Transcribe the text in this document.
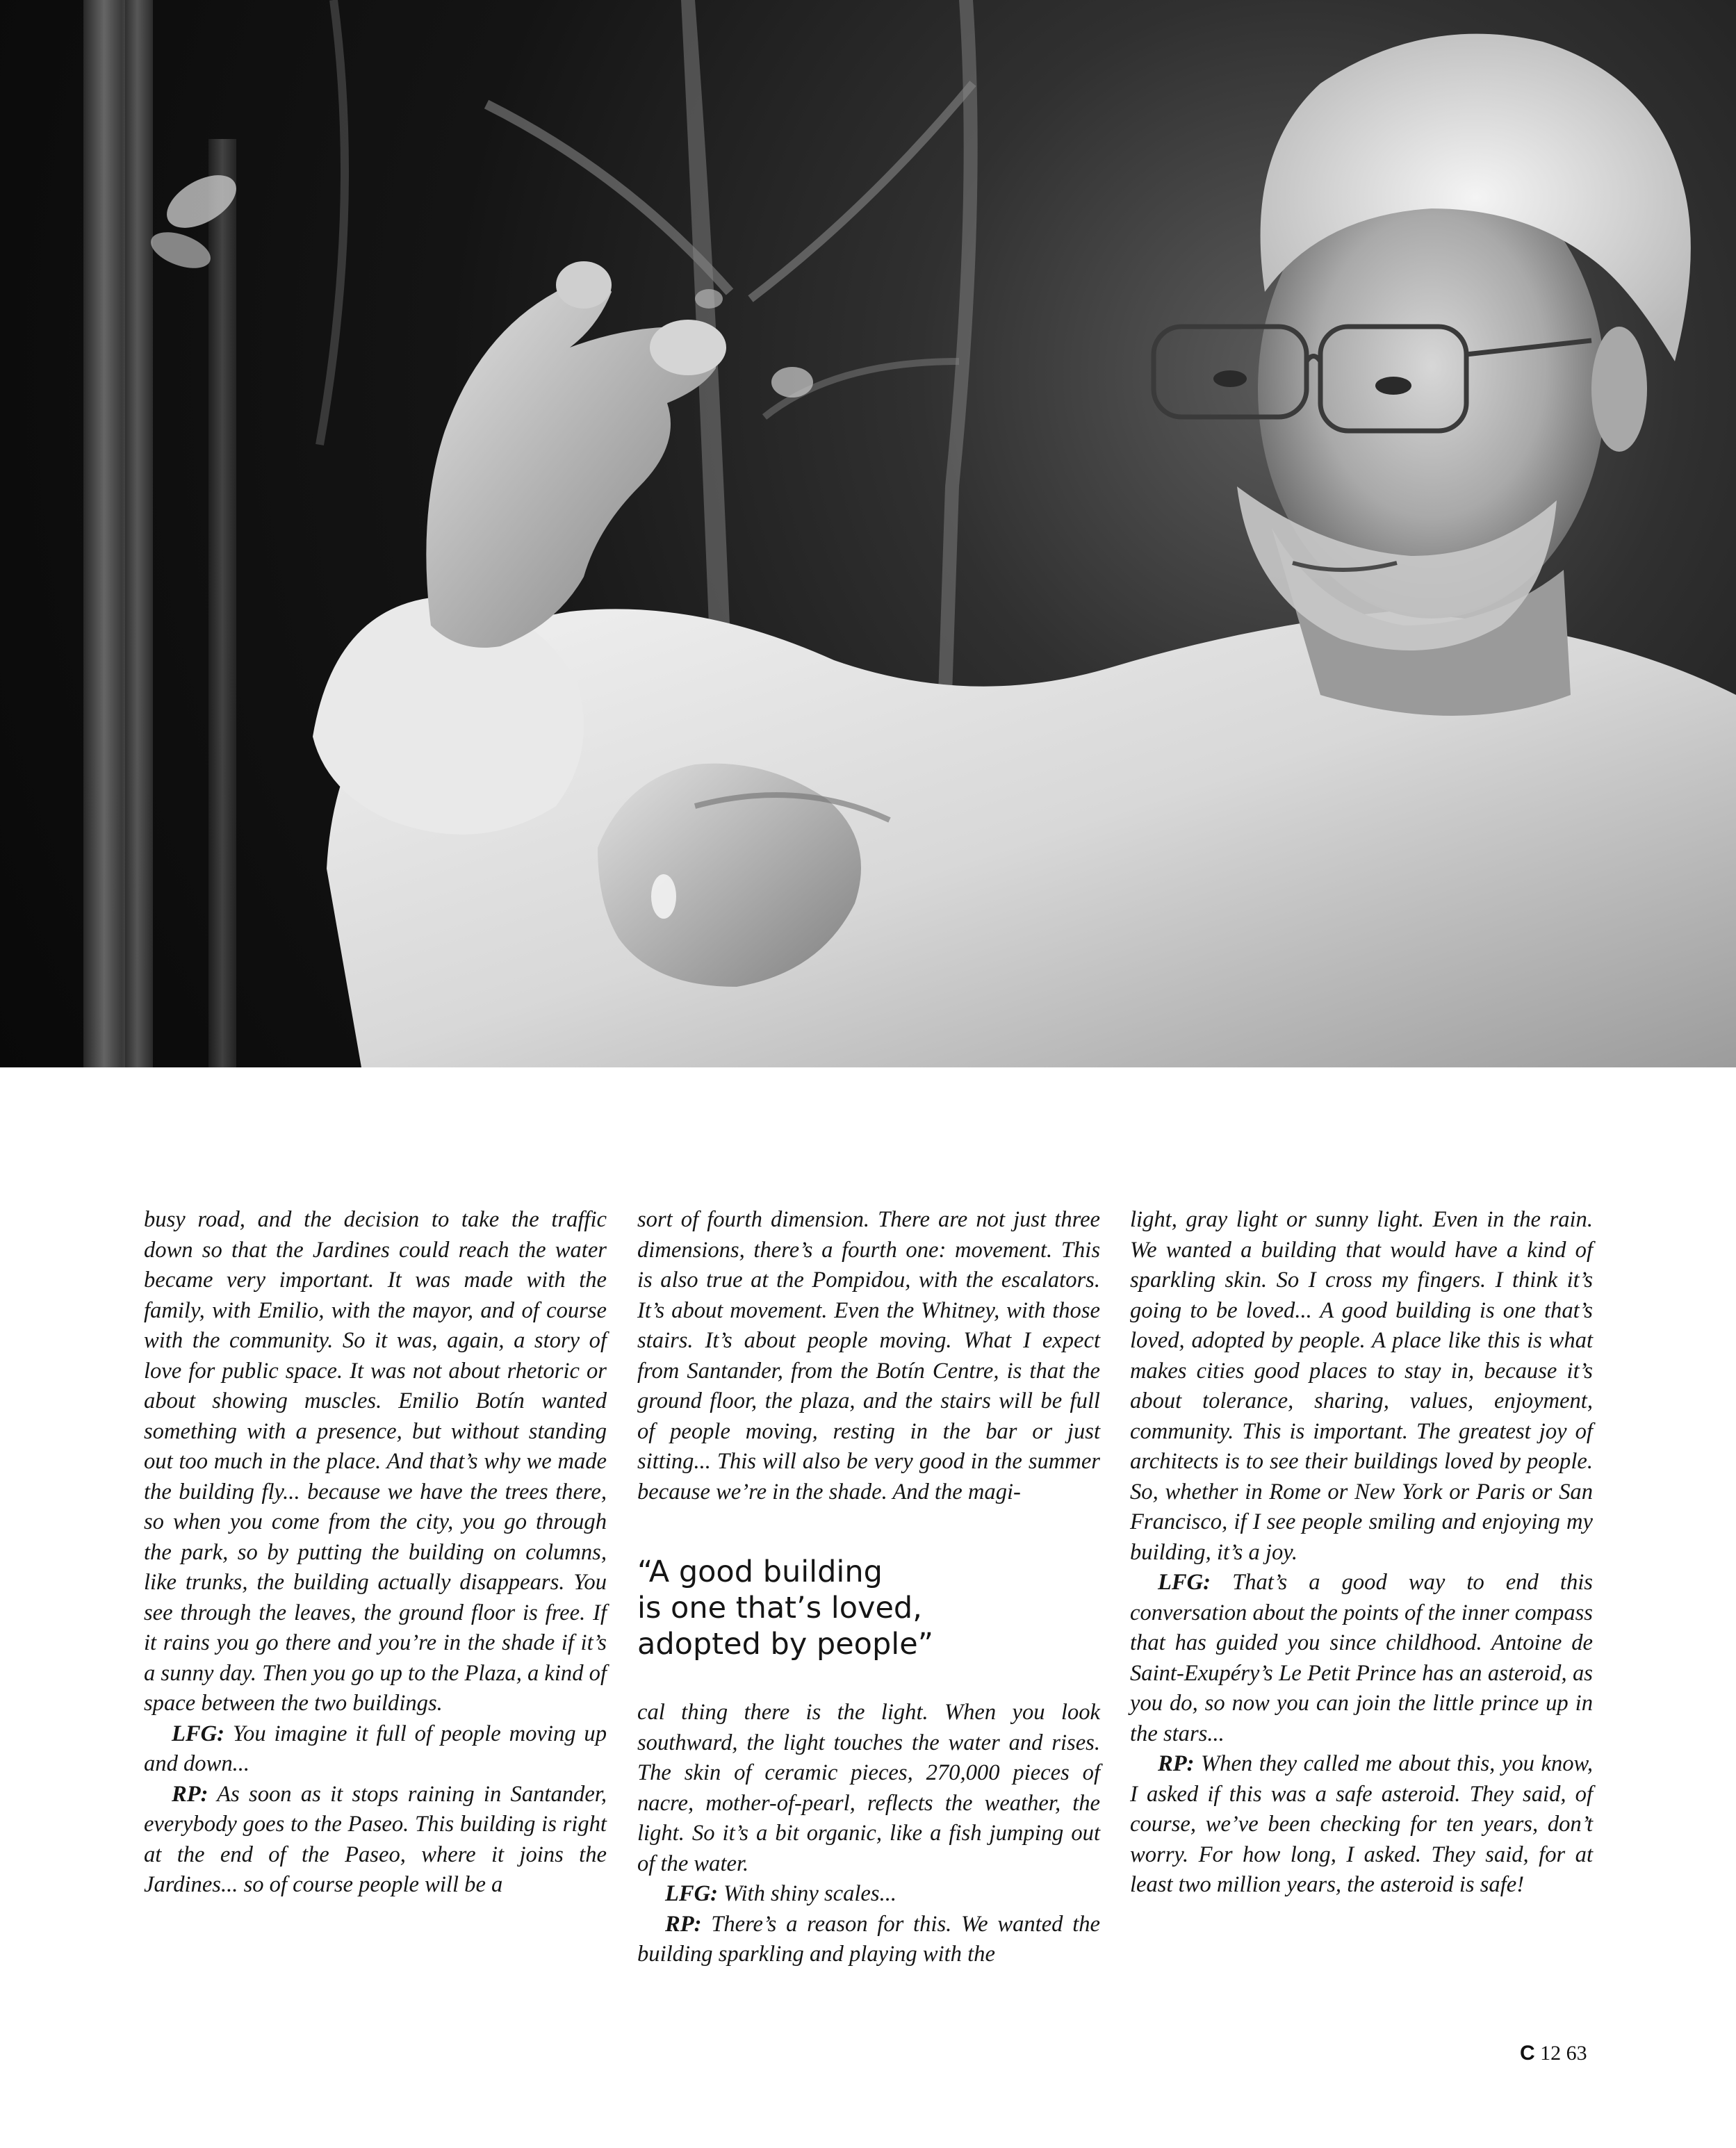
busy road, and the decision to take the traffic down so that the Jardines could reach the water became very important. It was made with the family, with Emilio, with the mayor, and of course with the community. So it was, again, a story of love for public space. It was not about rhetoric or about showing muscles. Emilio Botín wanted something with a presence, but without standing out too much in the place. And that’s why we made the building fly... because we have the trees there, so when you come from the city, you go through the park, so by putting the building on columns, like trunks, the building actually disappears. You see through the leaves, the ground floor is free. If it rains you go there and you’re in the shade if it’s a sunny day. Then you go up to the Plaza, a kind of space between the two buildings.

LFG: You imagine it full of people moving up and down...

RP: As soon as it stops raining in Santander, everybody goes to the Paseo. This building is right at the end of the Paseo, where it joins the Jardines... so of course people will be a

sort of fourth dimension. There are not just three dimensions, there’s a fourth one: movement. This is also true at the Pompidou, with the escalators. It’s about movement. Even the Whitney, with those stairs. It’s about people moving. What I expect from Santander, from the Botín Centre, is that the ground floor, the plaza, and the stairs will be full of people moving, resting in the bar or just sitting... This will also be very good in the summer because we’re in the shade. And the magi-

“A good building
is one that’s loved,
adopted by people”

cal thing there is the light. When you look southward, the light touches the water and rises. The skin of ceramic pieces, 270,000 pieces of nacre, mother-of-pearl, reflects the weather, the light. So it’s a bit organic, like a fish jumping out of the water.

LFG: With shiny scales...

RP: There’s a reason for this. We wanted the building sparkling and playing with the

light, gray light or sunny light. Even in the rain. We wanted a building that would have a kind of sparkling skin. So I cross my fingers. I think it’s going to be loved... A good building is one that’s loved, adopted by people. A place like this is what makes cities good places to stay in, because it’s about tolerance, sharing, values, enjoyment, community. This is important. The greatest joy of architects is to see their buildings loved by people. So, whether in Rome or New York or Paris or San Francisco, if I see people smiling and enjoying my building, it’s a joy.

LFG: That’s a good way to end this conversation about the points of the inner compass that has guided you since childhood. Antoine de Saint-Exupéry’s Le Petit Prince has an asteroid, as you do, so now you can join the little prince up in the stars...

RP: When they called me about this, you know, I asked if this was a safe asteroid. They said, of course, we’ve been checking for ten years, don’t worry. For how long, I asked. They said, for at least two million years, the asteroid is safe!

C 12 63
